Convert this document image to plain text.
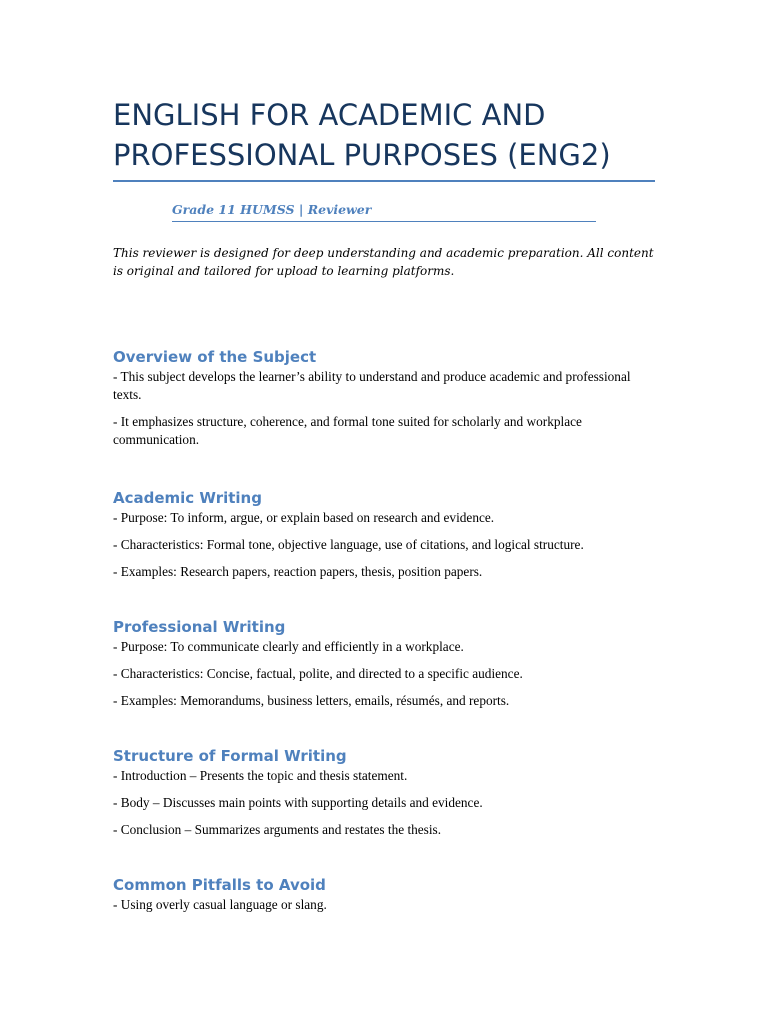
ENGLISH FOR ACADEMIC AND PROFESSIONAL PURPOSES (ENG2)

Grade 11 HUMSS | Reviewer

This reviewer is designed for deep understanding and academic preparation. All content is original and tailored for upload to learning platforms.

Overview of the Subject

- This subject develops the learner’s ability to understand and produce academic and professional texts.

- It emphasizes structure, coherence, and formal tone suited for scholarly and workplace communication.

Academic Writing

- Purpose: To inform, argue, or explain based on research and evidence.

- Characteristics: Formal tone, objective language, use of citations, and logical structure.

- Examples: Research papers, reaction papers, thesis, position papers.

Professional Writing

- Purpose: To communicate clearly and efficiently in a workplace.

- Characteristics: Concise, factual, polite, and directed to a specific audience.

- Examples: Memorandums, business letters, emails, résumés, and reports.

Structure of Formal Writing

- Introduction – Presents the topic and thesis statement.

- Body – Discusses main points with supporting details and evidence.

- Conclusion – Summarizes arguments and restates the thesis.

Common Pitfalls to Avoid

- Using overly casual language or slang.
